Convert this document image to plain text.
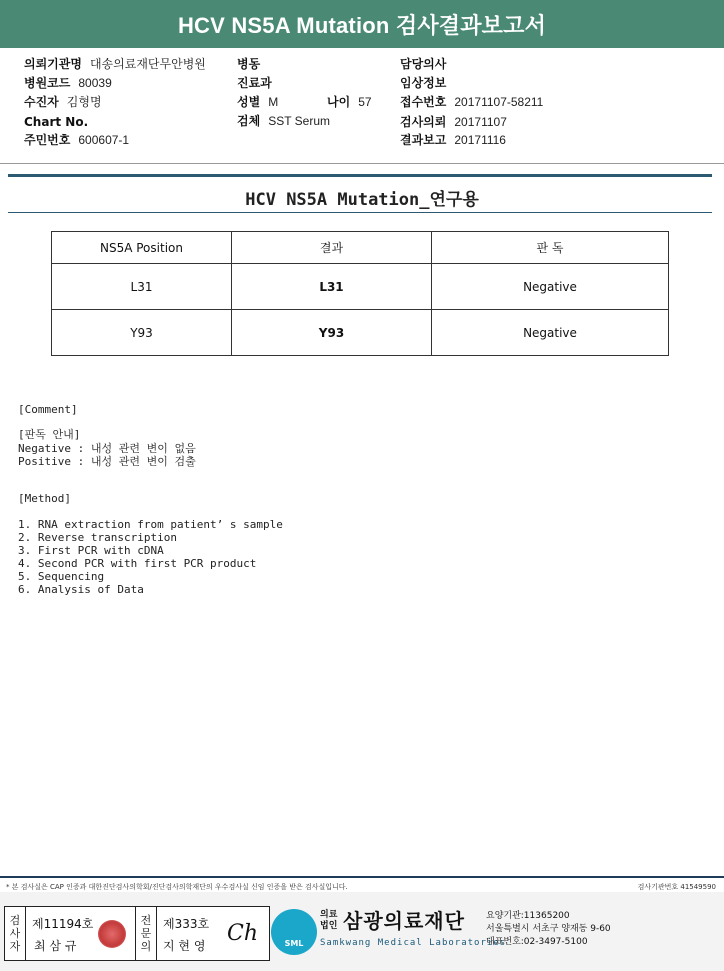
HCV NS5A Mutation 검사결과보고서
의뢰기관명 대송의료재단무안병원
병원코드 80039
수진자 김형명
Chart No.
주민번호 600607-1
병동
진료과
성별 M	나이 57
검체 SST Serum
담당의사
임상정보
접수번호 20171107-58211
검사의뢰 20171107
결과보고 20171116
HCV NS5A Mutation_연구용
NS5A Position	결과	판 독
L31	L31	Negative
Y93	Y93	Negative
[Comment]
[판독 안내]
Negative : 내성 관련 변이 없음
Positive : 내성 관련 변이 검출
[Method]
1. RNA extraction from patient’ s sample
2. Reverse transcription
3. First PCR with cDNA
4. Second PCR with first PCR product
5. Sequencing
6. Analysis of Data
* 본 검사실은 CAP 인증과 대한진단검사의학회/진단검사의학재단의 우수검사실 신임 인증을 받은 검사실입니다.	검사기관번호 41549590
검
사
자
제11194호
최 삼 규
전
문
의
제333호
지 현 영 Ch	SML
의료
법인 삼광의료재단
Samkwang Medical Laboratories
요양기관:11365200
서울특별시 서초구 양재동 9-60
대표번호:02-3497-5100
